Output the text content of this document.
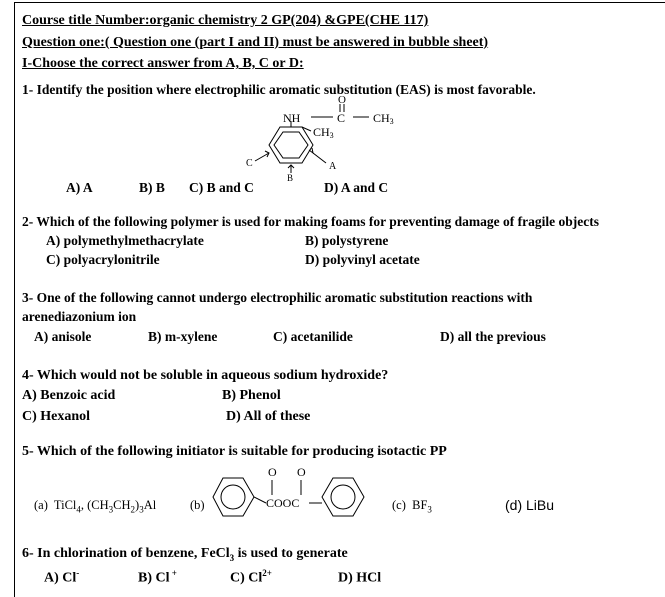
Course title Number:organic chemistry 2 GP(204) &GPE(CHE 117)
Question one:( Question one (part I and II) must be answered in bubble sheet)
I-Choose the correct answer from A, B, C or D:
1- Identify the position where electrophilic aromatic substitution (EAS) is most favorable.
NH	C
O
CH3
CH3
A
B
C
A) A	B) B C) B and C	D) A and C
2- Which of the following polymer is used for making foams for preventing damage of fragile objects
A) polymethylmethacrylate	B) polystyrene
C) polyacrylonitrile	D) polyvinyl acetate
3- One of the following cannot undergo electrophilic aromatic substitution reactions with
arenediazonium ion
A) anisole	B) m-xylene	C) acetanilide	D) all the previous
4- Which would not be soluble in aqueous sodium hydroxide?
A) Benzoic acid	B) Phenol
C) Hexanol	D) All of these
5- Which of the following initiator is suitable for producing isotactic PP
(a) TiCl$_4$, $(CH_3CH_2)_3Al$	(b)
O O
COOC	(c) $BF_3$	(d) LiBu
6- In chlorination of benzene, FeCl$_3$ is used to generate
A) Cl-	B) Cl +	C) $Cl^{2+}$	D) HCl
